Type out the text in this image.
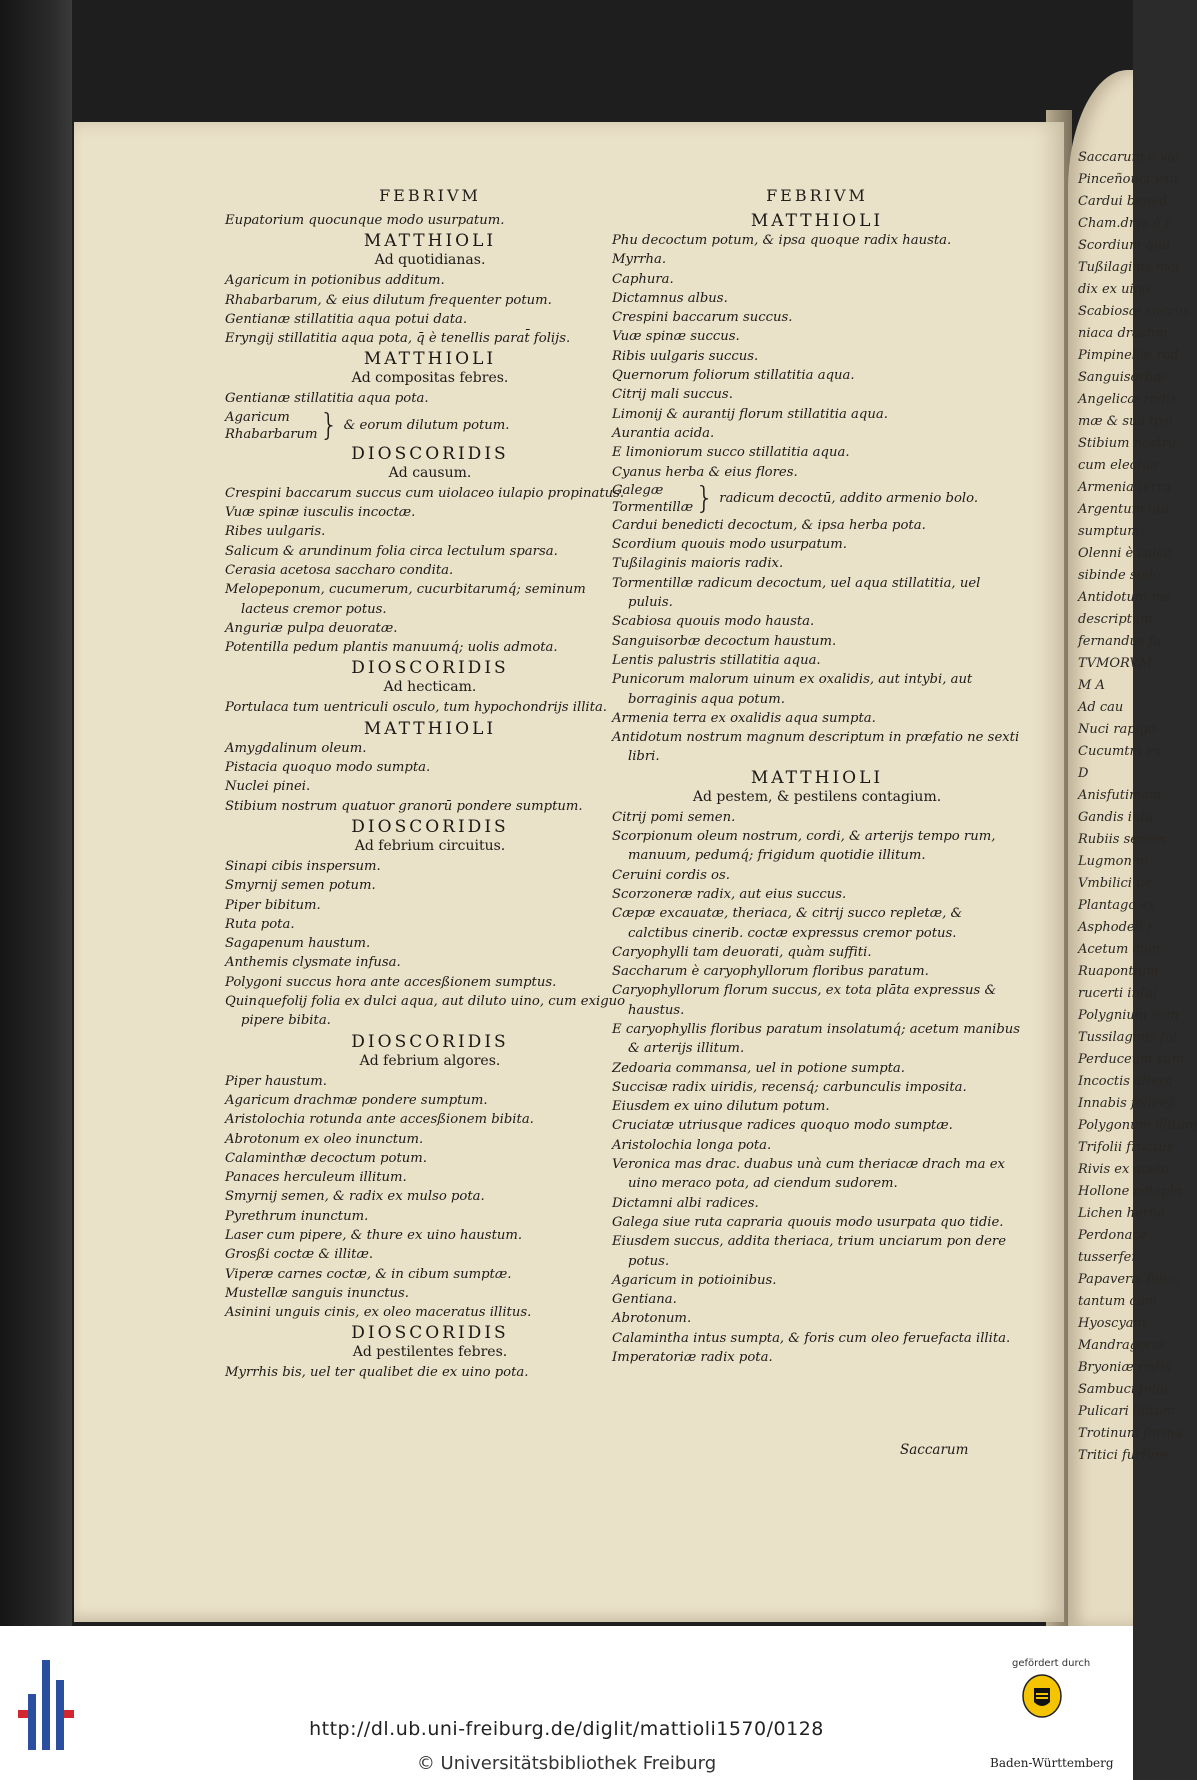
Saccarum è vio
Pinceñouci vau
Cardui bened
Cham.drys à f
Scordium quo
Tußilaginis mai
dix ex uino
Scabiosæ succus
niaca drachm
Pimpinellæ rad
Sanguisorbæ
Angelicæ radix
mæ & sua ipsi
Stibium nostru
cum electua
Armenia terra
Argentum uiu
sumptum.
Olenni è calca
sibinde sudo
Antidotum ma
descriptum,
fernandus fu
TVMORVM
M A
Ad cau
Nuci rapigo
Cucumtm ex
D
Anisfutimam
Gandis intu
Rubiis semen
Lugmon m
Vmbilici ue
Plantago ex
Asphodeli r
Acetum cum
Ruapontium
rucerti inful
Polygnium sum
Tussilaginis fol
Perduceum sum
Incoctis altera
Innabis folieeß
Polygonum illitum
Trifolii fructus
Rivis ex aceto
Hollone catapla
Lichen herba
Perdonace
tusserfer
Papaveris folia,
tantum cum
Hyoscyam
Mandragoræ
Bryoniæ radix
Sambuci folia
Pulicari illitum
Trotinum farina
Tritici furfure
FEBRIVM

Eupatorium quocunque modo usurpatum.

MATTHIOLI

Ad quotidianas.

Agaricum in potionibus additum.

Rhabarbarum, & eius dilutum frequenter potum.

Gentianæ stillatitia aqua potui data.

Eryngij stillatitia aqua pota, q̄ è tenellis parat̄ folijs.

MATTHIOLI

Ad compositas febres.

Gentianæ stillatitia aqua pota.

Agaricum
Rhabarbarum } & eorum dilutum potum.

DIOSCORIDIS

Ad causum.

Crespini baccarum succus cum uiolaceo iulapio propinatus.

Vuæ spinæ iusculis incoctæ.

Ribes uulgaris.

Salicum & arundinum folia circa lectulum sparsa.

Cerasia acetosa saccharo condita.

Melopeponum, cucumerum, cucurbitarumq́; seminum lacteus cremor potus.

Anguriæ pulpa deuoratæ.

Potentilla pedum plantis manuumq́; uolis admota.

DIOSCORIDIS

Ad hecticam.

Portulaca tum uentriculi osculo, tum hypochondrijs illita.

MATTHIOLI

Amygdalinum oleum.

Pistacia quoquo modo sumpta.

Nuclei pinei.

Stibium nostrum quatuor granorū pondere sumptum.

DIOSCORIDIS

Ad febrium circuitus.

Sinapi cibis inspersum.

Smyrnij semen potum.

Piper bibitum.

Ruta pota.

Sagapenum haustum.

Anthemis clysmate infusa.

Polygoni succus hora ante accesßionem sumptus.

Quinquefolij folia ex dulci aqua, aut diluto uino, cum exiguo pipere bibita.

DIOSCORIDIS

Ad febrium algores.

Piper haustum.

Agaricum drachmæ pondere sumptum.

Aristolochia rotunda ante accesßionem bibita.

Abrotonum ex oleo inunctum.

Calaminthæ decoctum potum.

Panaces herculeum illitum.

Smyrnij semen, & radix ex mulso pota.

Pyrethrum inunctum.

Laser cum pipere, & thure ex uino haustum.

Grosßi coctæ & illitæ.

Viperæ carnes coctæ, & in cibum sumptæ.

Mustellæ sanguis inunctus.

Asinini unguis cinis, ex oleo maceratus illitus.

DIOSCORIDIS

Ad pestilentes febres.

Myrrhis bis, uel ter qualibet die ex uino pota.

FEBRIVM

MATTHIOLI

Phu decoctum potum, & ipsa quoque radix hausta.

Myrrha.

Caphura.

Dictamnus albus.

Crespini baccarum succus.

Vuæ spinæ succus.

Ribis uulgaris succus.

Quernorum foliorum stillatitia aqua.

Citrij mali succus.

Limonij & aurantij florum stillatitia aqua.

Aurantia acida.

E limoniorum succo stillatitia aqua.

Cyanus herba & eius flores.

Galegæ
Tormentillæ } radicum decoctū, addito armenio bolo.

Cardui benedicti decoctum, & ipsa herba pota.

Scordium quouis modo usurpatum.

Tußilaginis maioris radix.

Tormentillæ radicum decoctum, uel aqua stillatitia, uel puluis.

Scabiosa quouis modo hausta.

Sanguisorbæ decoctum haustum.

Lentis palustris stillatitia aqua.

Punicorum malorum uinum ex oxalidis, aut intybi, aut borraginis aqua potum.

Armenia terra ex oxalidis aqua sumpta.

Antidotum nostrum magnum descriptum in præfatio ne sexti libri.

MATTHIOLI

Ad pestem, & pestilens contagium.

Citrij pomi semen.

Scorpionum oleum nostrum, cordi, & arterijs tempo rum, manuum, pedumq́; frigidum quotidie illitum.

Ceruini cordis os.

Scorzoneræ radix, aut eius succus.

Cæpæ excauatæ, theriaca, & citrij succo repletæ, & calctibus cinerib. coctæ expressus cremor potus.

Caryophylli tam deuorati, quàm suffiti.

Saccharum è caryophyllorum floribus paratum.

Caryophyllorum florum succus, ex tota plāta expressus & haustus.

E caryophyllis floribus paratum insolatumq́; acetum manibus & arterijs illitum.

Zedoaria commansa, uel in potione sumpta.

Succisæ radix uiridis, recensq́; carbunculis imposita.

Eiusdem ex uino dilutum potum.

Cruciatæ utriusque radices quoquo modo sumptæ.

Aristolochia longa pota.

Veronica mas drac. duabus unà cum theriacæ drach ma ex uino meraco pota, ad ciendum sudorem.

Dictamni albi radices.

Galega siue ruta capraria quouis modo usurpata quo tidie.

Eiusdem succus, addita theriaca, trium unciarum pon dere potus.

Agaricum in potioinibus.

Gentiana.

Abrotonum.

Calamintha intus sumpta, & foris cum oleo feruefacta illita.

Imperatoriæ radix pota.

Saccarum
http://dl.ub.uni-freiburg.de/diglit/mattioli1570/0128
© Universitätsbibliothek Freiburg
gefördert durch
Baden-Württemberg
